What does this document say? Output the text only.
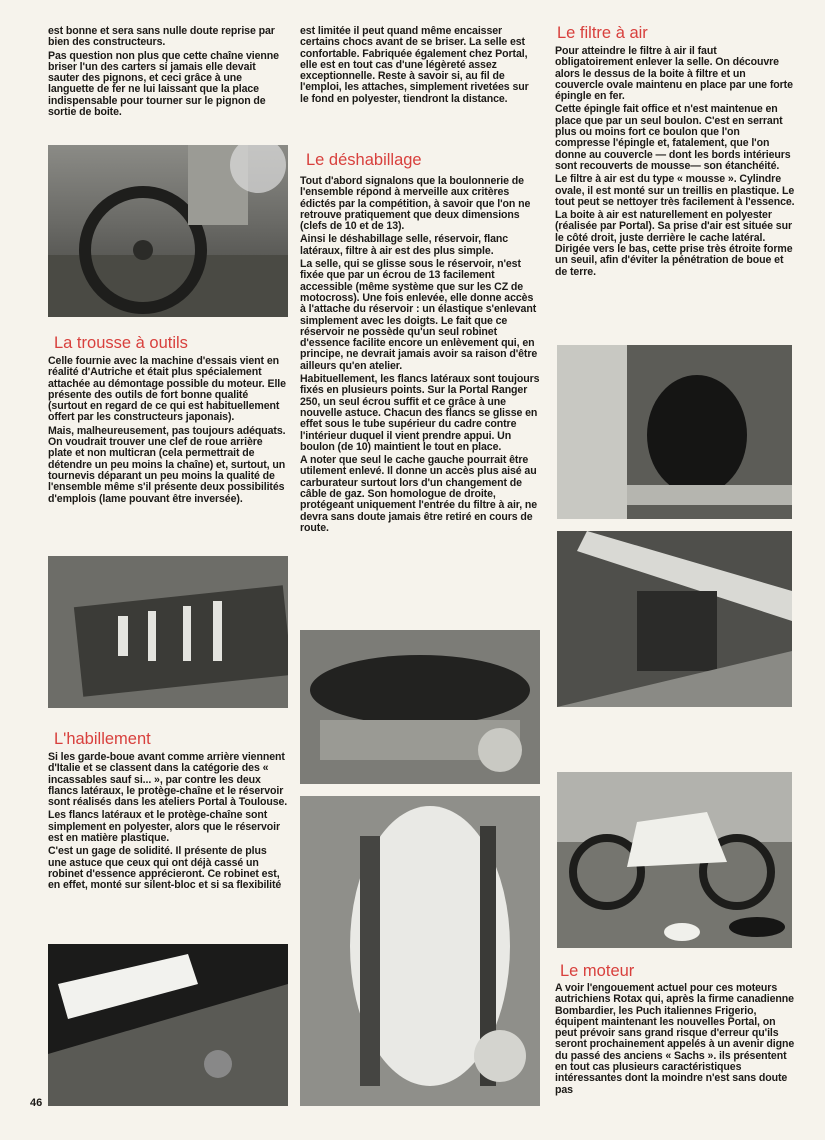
est bonne et sera sans nulle doute reprise par bien des constructeurs.

Pas question non plus que cette chaîne vienne briser l'un des carters si jamais elle devait sauter des pignons, et ceci grâce à une languette de fer ne lui laissant que la place indispensable pour tourner sur le pignon de sortie de boite.

La trousse à outils

Celle fournie avec la machine d'essais vient en réalité d'Autriche et était plus spécialement attachée au démontage possible du moteur. Elle présente des outils de fort bonne qualité (surtout en regard de ce qui est habituellement offert par les constructeurs japonais).

Mais, malheureusement, pas toujours adéquats. On voudrait trouver une clef de roue arrière plate et non multicran (cela permettrait de détendre un peu moins la chaîne) et, surtout, un tournevis déparant un peu moins la qualité de l'ensemble même s'il présente deux possibilités d'emplois (lame pouvant être inversée).

L'habillement

Si les garde-boue avant comme arrière viennent d'Italie et se classent dans la catégorie des « incassables sauf si... », par contre les deux flancs latéraux, le protège-chaîne et le réservoir sont réalisés dans les ateliers Portal à Toulouse.

Les flancs latéraux et le protège-chaîne sont simplement en polyester, alors que le réservoir est en matière plastique.

C'est un gage de solidité. Il présente de plus une astuce que ceux qui ont déjà cassé un robinet d'essence apprécieront. Ce robinet est, en effet, monté sur silent-bloc et si sa flexibilité

est limitée il peut quand même encaisser certains chocs avant de se briser. La selle est confortable. Fabriquée également chez Portal, elle est en tout cas d'une légèreté assez exceptionnelle. Reste à savoir si, au fil de l'emploi, les attaches, simplement rivetées sur le fond en polyester, tiendront la distance.

Le déshabillage

Tout d'abord signalons que la boulonnerie de l'ensemble répond à merveille aux critères édictés par la compétition, à savoir que l'on ne retrouve pratiquement que deux dimensions (clefs de 10 et de 13).

Ainsi le déshabillage selle, réservoir, flanc latéraux, filtre à air est des plus simple.

La selle, qui se glisse sous le réservoir, n'est fixée que par un écrou de 13 facilement accessible (même système que sur les CZ de motocross). Une fois enlevée, elle donne accès à l'attache du réservoir : un élastique s'enlevant simplement avec les doigts. Le fait que ce réservoir ne possède qu'un seul robinet d'essence facilite encore un enlèvement qui, en principe, ne devrait jamais avoir sa raison d'être ailleurs qu'en atelier.

Habituellement, les flancs latéraux sont toujours fixés en plusieurs points. Sur la Portal Ranger 250, un seul écrou suffit et ce grâce à une nouvelle astuce. Chacun des flancs se glisse en effet sous le tube supérieur du cadre contre l'intérieur duquel il vient prendre appui. Un boulon (de 10) maintient le tout en place.

A noter que seul le cache gauche pourrait être utilement enlevé. Il donne un accès plus aisé au carburateur surtout lors d'un changement de câble de gaz. Son homologue de droite, protégeant uniquement l'entrée du filtre à air, ne devra sans doute jamais être retiré en cours de route.

Le filtre à air

Pour atteindre le filtre à air il faut obligatoirement enlever la selle. On découvre alors le dessus de la boite à filtre et un couvercle ovale maintenu en place par une forte épingle en fer.

Cette épingle fait office et n'est maintenue en place que par un seul boulon. C'est en serrant plus ou moins fort ce boulon que l'on compresse l'épingle et, fatalement, que l'on donne au couvercle — dont les bords intérieurs sont recouverts de mousse— son étanchéité.

Le filtre à air est du type « mousse ». Cylindre ovale, il est monté sur un treillis en plastique. Le tout peut se nettoyer très facilement à l'essence.

La boite à air est naturellement en polyester (réalisée par Portal). Sa prise d'air est située sur le côté droit, juste derrière le cache latéral. Dirigée vers le bas, cette prise très étroite forme un seuil, afin d'éviter la pénétration de boue et de terre.

Le moteur

A voir l'engouement actuel pour ces moteurs autrichiens Rotax qui, après la firme canadienne Bombardier, les Puch italiennes Frigerio, équipent maintenant les nouvelles Portal, on peut prévoir sans grand risque d'erreur qu'ils seront prochainement appelés à un avenir digne du passé des anciens « Sachs ». ils présentent en tout cas plusieurs caractéristiques intéressantes dont la moindre n'est sans doute pas

46
